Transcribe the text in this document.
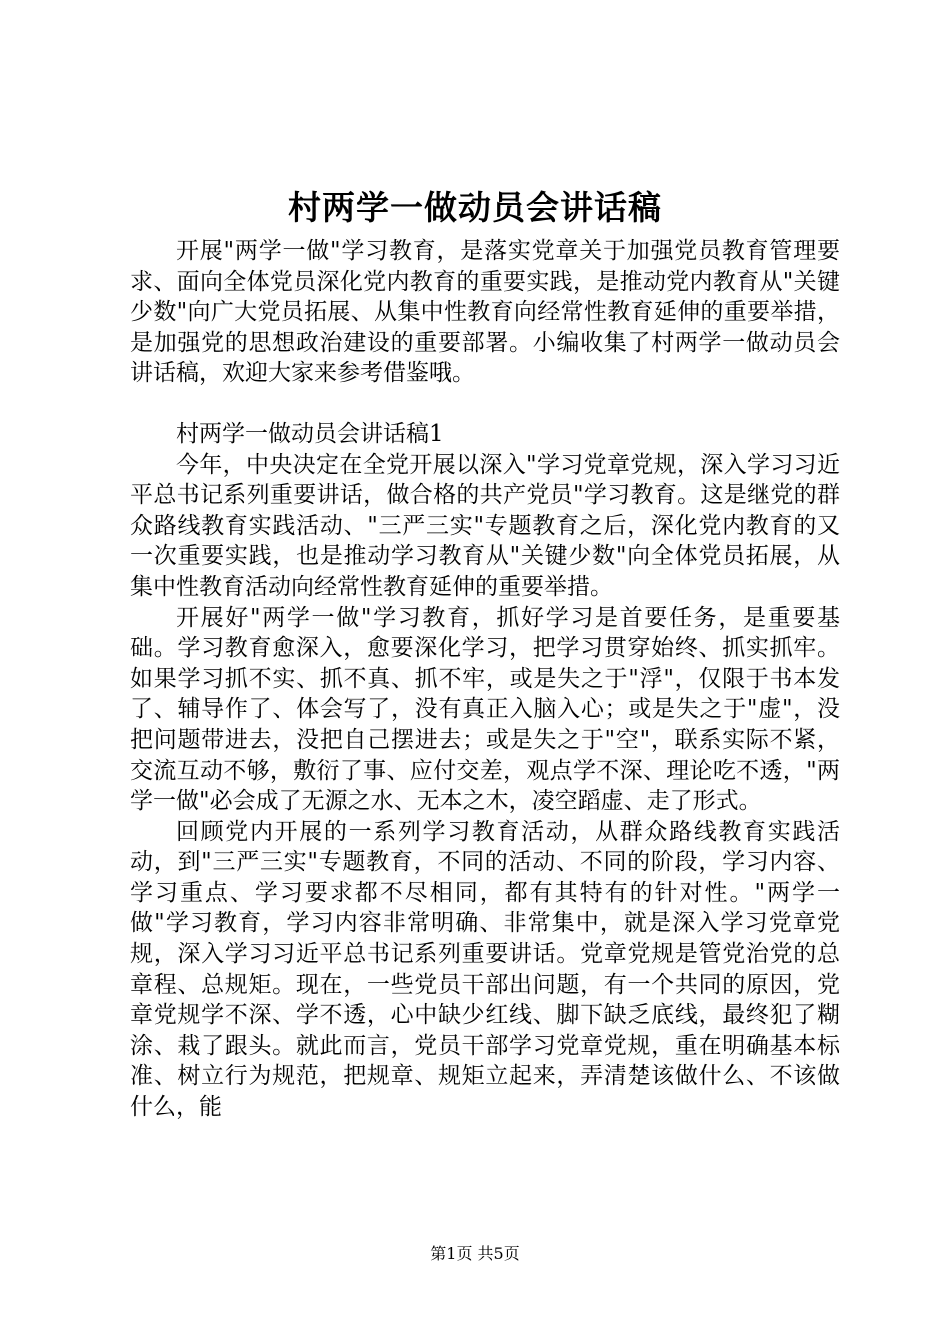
村两学一做动员会讲话稿

开展"两学一做"学习教育，是落实党章关于加强党员教育管理要求、面向全体党员深化党内教育的重要实践，是推动党内教育从"关键少数"向广大党员拓展、从集中性教育向经常性教育延伸的重要举措，是加强党的思想政治建设的重要部署。小编收集了村两学一做动员会讲话稿，欢迎大家来参考借鉴哦。

村两学一做动员会讲话稿1

今年，中央决定在全党开展以深入"学习党章党规，深入学习习近平总书记系列重要讲话，做合格的共产党员"学习教育。这是继党的群众路线教育实践活动、"三严三实"专题教育之后，深化党内教育的又一次重要实践，也是推动学习教育从"关键少数"向全体党员拓展，从集中性教育活动向经常性教育延伸的重要举措。

开展好"两学一做"学习教育，抓好学习是首要任务，是重要基础。学习教育愈深入，愈要深化学习，把学习贯穿始终、抓实抓牢。如果学习抓不实、抓不真、抓不牢，或是失之于"浮"，仅限于书本发了、辅导作了、体会写了，没有真正入脑入心；或是失之于"虚"，没把问题带进去，没把自己摆进去；或是失之于"空"，联系实际不紧，交流互动不够，敷衍了事、应付交差，观点学不深、理论吃不透，"两学一做"必会成了无源之水、无本之木，凌空蹈虚、走了形式。

回顾党内开展的一系列学习教育活动，从群众路线教育实践活动，到"三严三实"专题教育，不同的活动、不同的阶段，学习内容、学习重点、学习要求都不尽相同，都有其特有的针对性。"两学一做"学习教育，学习内容非常明确、非常集中，就是深入学习党章党规，深入学习习近平总书记系列重要讲话。党章党规是管党治党的总章程、总规矩。现在，一些党员干部出问题，有一个共同的原因，党章党规学不深、学不透，心中缺少红线、脚下缺乏底线，最终犯了糊涂、栽了跟头。就此而言，党员干部学习党章党规，重在明确基本标准、树立行为规范，把规章、规矩立起来，弄清楚该做什么、不该做什么，能

第1页 共5页
